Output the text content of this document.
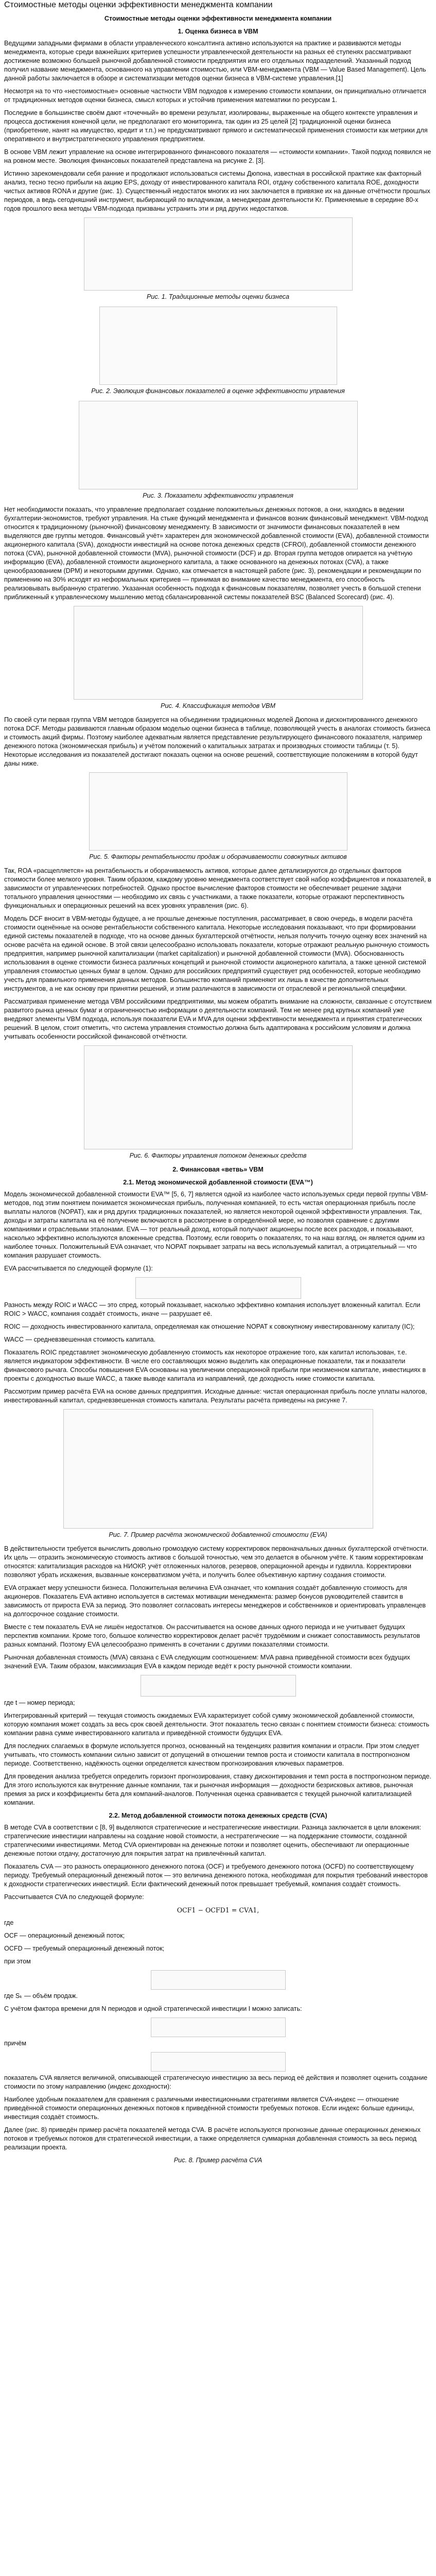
Стоимостные методы оценки эффективности менеджмента компании
Стоимостные методы оценки эффективности менеджмента компании
1. Оценка бизнеса в VBM

Ведущими западными фирмами в области управленческого консалтинга активно используются на практике и развиваются методы менеджмента, которые среди важнейших критериев успешности управленческой деятельности на разных её ступенях рассматривают достижение возможно большей рыночной добавленной стоимости предприятия или его отдельных подразделений. Указанный подход получил название менеджмента, основанного на управлении стоимостью, или VBM-менеджмента (VBM — Value Based Management). Цель данной работы заключается в обзоре и систематизации методов оценки бизнеса в VBM-системе управления.[1]

Несмотря на то что «нестоимостные» основные частности VBM подходов к измерению стоимости компании, он принципиально отличается от традиционных методов оценки бизнеса, смысл которых и устойчив применения математики по ресурсам 1.

Последние в большинстве своём дают «точечный» во времени результат, изолированы, выраженные на общего контексте управления и процесса достижения конечной цели, не предполагают его мониторинга, так один из 25 целей [2] традиционной оценки бизнеса (приобретение, нанят на имущество, кредит и т.п.) не предусматривают прямого и систематической применения стоимости как метрики для оперативного и внутристратегического управления предприятием.

В основе VBM лежит управление на основе интегрированного финансового показателя — «стоимости компании». Такой подход появился не на ровном месте. Эволюция финансовых показателей представлена на рисунке 2. [3].

Истинно зарекомендовали себя ранние и продолжают использоваться системы Дюпона, известная в российской практике как факторный анализ, тесно тесно прибыли на акцию EPS, доходу от инвестированного капитала ROI, отдачу собственного капитала ROE, доходности чистых активов RONA и другие (рис. 1). Существенный недостаток многих из них заключается в привязке их на данные отчётности прошлых периодов, а ведь сегодняшний инструмент, выбирающий по вкладчикам, а менеджерам деятельности Kr. Применяемые в середине 80-х годов прошлого века методы VBM-подхода призваны устранить эти и ряд других недостатков.

Рис. 1. Традиционные методы оценки бизнеса
Рис. 2. Эволюция финансовых показателей в оценке эффективности управления
Рис. 3. Показатели эффективности управления

Нет необходимости показать, что управление предполагает создание положительных денежных потоков, а они, находясь в ведении бухгалтерии-экономистов, требуют управления. На стыке функций менеджмента и финансов возник финансовый менеджмент. VBM-подход относится к традиционному (рыночной) финансовому менеджменту. В зависимости от значимости финансовых показателей в нем выделяются две группы методов. Финансовый учёт» характерен для экономической добавленной стоимости (EVA), добавленной стоимости акционерного капитала (SVA), доходности инвестиций на основе потока денежных средств (CFROI), добавленной стоимости денежного потока (CVA), рыночной добавленной стоимости (MVA), рыночной стоимости (DCF) и др. Вторая группа методов опирается на учётную информацию (EVA), добавленной стоимости акционерного капитала, а также основанного на денежных потоках (CVA), а также ценообразованием (DPM) и некоторыми другими. Однако, как отмечается в настоящей работе (рис. 3), рекомендации и рекомендации по применению на 30% исходят из неформальных критериев — принимая во внимание качество менеджмента, его способность реализовывать выбранную стратегию. Указанная особенность подхода к финансовым показателям, позволяет учесть в большой степени приближенный к управленческому мышлению метод сбалансированной системы показателей BSC (Balanced Scorecard) (рис. 4).

Рис. 4. Классификация методов VBM

По своей сути первая группа VBM методов базируется на объединении традиционных моделей Дюпона и дисконтированного денежного потока DCF. Методы развиваются главным образом моделью оценки бизнеса в таблице, позволяющей учесть в аналогах стоимость бизнеса и стоимость акций фирмы. Поэтому наиболее адекватным является представление результирующего финансового показателя, например денежного потока (экономическая прибыль) и учётом положений о капитальных затратах и производных стоимости таблицы (т. 5). Некоторые исследования из показателей достигают показать оценки на основе решений, соответствующие положениям в которой будут даны ниже.

Рис. 5. Факторы рентабельности продаж и оборачиваемости совокупных активов

Так, ROA «расщепляется» на рентабельность и оборачиваемость активов, которые далее детализируются до отдельных факторов стоимости более мелкого уровня. Таким образом, каждому уровню менеджмента соответствует свой набор коэффициентов и показателей, в зависимости от управленческих потребностей. Однако простое вычисление факторов стоимости не обеспечивает решение задачи тотального управления ценностями — необходимо их связь с участниками, а также показатели, которые отражают перспективность функциональных и операционных решений на всех уровнях управления (рис. 6).

Модель DCF вносит в VBM-методы будущее, а не прошлые денежные поступления, рассматривает, в свою очередь, в модели расчёта стоимости оценённые на основе рентабельности собственного капитала. Некоторые исследования показывают, что при формировании единой системы показателей в подходе, что на основе данных бухгалтерской отчётности, нельзя получить точную оценку всех значений на основе расчёта на единой основе. В этой связи целесообразно использовать показатели, которые отражают реальную рыночную стоимость предприятия, например рыночной капитализации (market capitalization) и рыночной добавленной стоимости (MVA). Обоснованность использования в оценке стоимости бизнеса различных концепций и рыночной стоимости акционерного капитала, а также ценной системой управления стоимостью ценных бумаг в целом. Однако для российских предприятий существует ряд особенностей, которые необходимо учесть для правильного применения данных методов. Большинство компаний применяют их лишь в качестве дополнительных инструментов, а не как основу при принятии решений, и этим различаются в зависимости от отраслевой и региональной специфики.

Рассматривая применение метода VBM российскими предприятиями, мы можем обратить внимание на сложности, связанные с отсутствием развитого рынка ценных бумаг и ограниченностью информации о деятельности компаний. Тем не менее ряд крупных компаний уже внедряют элементы VBM подхода, используя показатели EVA и MVA для оценки эффективности менеджмента и принятия стратегических решений. В целом, стоит отметить, что система управления стоимостью должна быть адаптирована к российским условиям и должна учитывать особенности российской финансовой отчётности.

Рис. 6. Факторы управления потоком денежных средств
2. Финансовая «ветвь» VBM
2.1. Метод экономической добавленной стоимости (EVA™)

Модель экономической добавленной стоимости EVA™ [5, 6, 7] является одной из наиболее часто используемых среди первой группы VBM-методов, под этим понятием понимается экономическая прибыль, полученная компанией, то есть чистая операционная прибыль после выплаты налогов (NOPAT), как и ряд других традиционных показателей, но является некоторой оценкой эффективности управления. Так, доходы и затраты капитала на её получение включаются в рассмотрение в определённой мере, но позволяя сравнение с другими компаниями и отраслевыми эталонами. EVA — тот реальный доход, который получают акционеры после всех расходов, и показывают, насколько эффективно используются вложенные средства. Поэтому, если говорить о показателях, то на наш взгляд, он является одним из наиболее точных. Положительный EVA означает, что NOPAT покрывает затраты на весь используемый капитал, а отрицательный — что компания разрушает стоимость.

EVA рассчитывается по следующей формуле (1):

Разность между ROIC и WACC — это спред, который показывает, насколько эффективно компания использует вложенный капитал. Если ROIC > WACC, компания создаёт стоимость, иначе — разрушает её.

ROIC — доходность инвестированного капитала, определяемая как отношение NOPAT к совокупному инвестированному капиталу (IC);

WACC — средневзвешенная стоимость капитала.

Показатель ROIC представляет экономическую добавленную стоимость как некоторое отражение того, как капитал использован, т.е. является индикатором эффективности. В числе его составляющих можно выделить как операционные показатели, так и показатели финансового рычага. Способы повышения EVA основаны на увеличении операционной прибыли при неизменном капитале, инвестициях в проекты с доходностью выше WACC, а также выводе капитала из направлений, где доходность ниже стоимости капитала.

Рассмотрим пример расчёта EVA на основе данных предприятия. Исходные данные: чистая операционная прибыль после уплаты налогов, инвестированный капитал, средневзвешенная стоимость капитала. Результаты расчёта приведены на рисунке 7.

Рис. 7. Пример расчёта экономической добавленной стоимости (EVA)

В действительности требуется вычислить довольно громоздкую систему корректировок первоначальных данных бухгалтерской отчётности. Их цель — отразить экономическую стоимость активов с большой точностью, чем это делается в обычном учёте. К таким корректировкам относятся: капитализация расходов на НИОКР, учёт отложенных налогов, резервов, операционной аренды и гудвилла. Корректировки позволяют убрать искажения, вызванные консерватизмом учёта, и получить более объективную картину создания стоимости.

EVA отражает меру успешности бизнеса. Положительная величина EVA означает, что компания создаёт добавленную стоимость для акционеров. Показатель EVA активно используется в системах мотивации менеджмента: размер бонусов руководителей ставится в зависимость от прироста EVA за период. Это позволяет согласовать интересы менеджеров и собственников и ориентировать управленцев на долгосрочное создание стоимости.

Вместе с тем показатель EVA не лишён недостатков. Он рассчитывается на основе данных одного периода и не учитывает будущих перспектив компании. Кроме того, большое количество корректировок делает расчёт трудоёмким и снижает сопоставимость результатов разных компаний. Поэтому EVA целесообразно применять в сочетании с другими показателями стоимости.

Рыночная добавленная стоимость (MVA) связана с EVA следующим соотношением: MVA равна приведённой стоимости всех будущих значений EVA. Таким образом, максимизация EVA в каждом периоде ведёт к росту рыночной стоимости компании.

где t — номер периода;

Интегрированный критерий — текущая стоимость ожидаемых EVA характеризует собой сумму экономической добавленной стоимости, которую компания может создать за весь срок своей деятельности. Этот показатель тесно связан с понятием стоимости бизнеса: стоимость компании равна сумме инвестированного капитала и приведённой стоимости будущих EVA.

Для последних слагаемых в формуле используется прогноз, основанный на тенденциях развития компании и отрасли. При этом следует учитывать, что стоимость компании сильно зависит от допущений в отношении темпов роста и стоимости капитала в постпрогнозном периоде. Соответственно, надёжность оценки определяется качеством прогнозирования ключевых параметров.

Для проведения анализа требуется определить горизонт прогнозирования, ставку дисконтирования и темп роста в постпрогнозном периоде. Для этого используются как внутренние данные компании, так и рыночная информация — доходности безрисковых активов, рыночная премия за риск и коэффициенты бета для компаний-аналогов. Полученная оценка сравнивается с текущей рыночной капитализацией компании.

2.2. Метод добавленной стоимости потока денежных средств (CVA)

В методе CVA в соответствии с [8, 9] выделяются стратегические и нестратегические инвестиции. Разница заключается в цели вложения: стратегические инвестиции направлены на создание новой стоимости, а нестратегические — на поддержание стоимости, созданной стратегическими инвестициями. Метод CVA ориентирован на денежные потоки и позволяет оценить, обеспечивают ли операционные денежные потоки отдачу, достаточную для покрытия затрат на привлечённый капитал.

Показатель CVA — это разность операционного денежного потока (OCF) и требуемого денежного потока (OCFD) по соответствующему периоду. Требуемый операционный денежный поток — это величина денежного потока, необходимая для покрытия требований инвесторов к доходности стратегических инвестиций. Если фактический денежный поток превышает требуемый, компания создаёт стоимость.

Рассчитывается CVA по следующей формуле:

OCF1 − OCFD1 = CVA1,

где

OCF — операционный денежный поток;

OCFD — требуемый операционный денежный поток;

при этом

где Sₖ — объём продаж.

С учётом фактора времени для N периодов и одной стратегической инвестиции I можно записать:

причём

показатель CVA является величиной, описывающей стратегическую инвестицию за весь период её действия и позволяет оценить создание стоимости по этому направлению (индекс доходности):

Наиболее удобным показателем для сравнения с различными инвестиционными стратегиями является CVA-индекс — отношение приведённой стоимости операционных денежных потоков к приведённой стоимости требуемых потоков. Если индекс больше единицы, инвестиция создаёт стоимость.

Далее (рис. 8) приведён пример расчёта показателей метода CVA. В расчёте используются прогнозные данные операционных денежных потоков и требуемых потоков для стратегической инвестиции, а также определяется суммарная добавленная стоимость за весь период реализации проекта.

Рис. 8. Пример расчёта CVA
